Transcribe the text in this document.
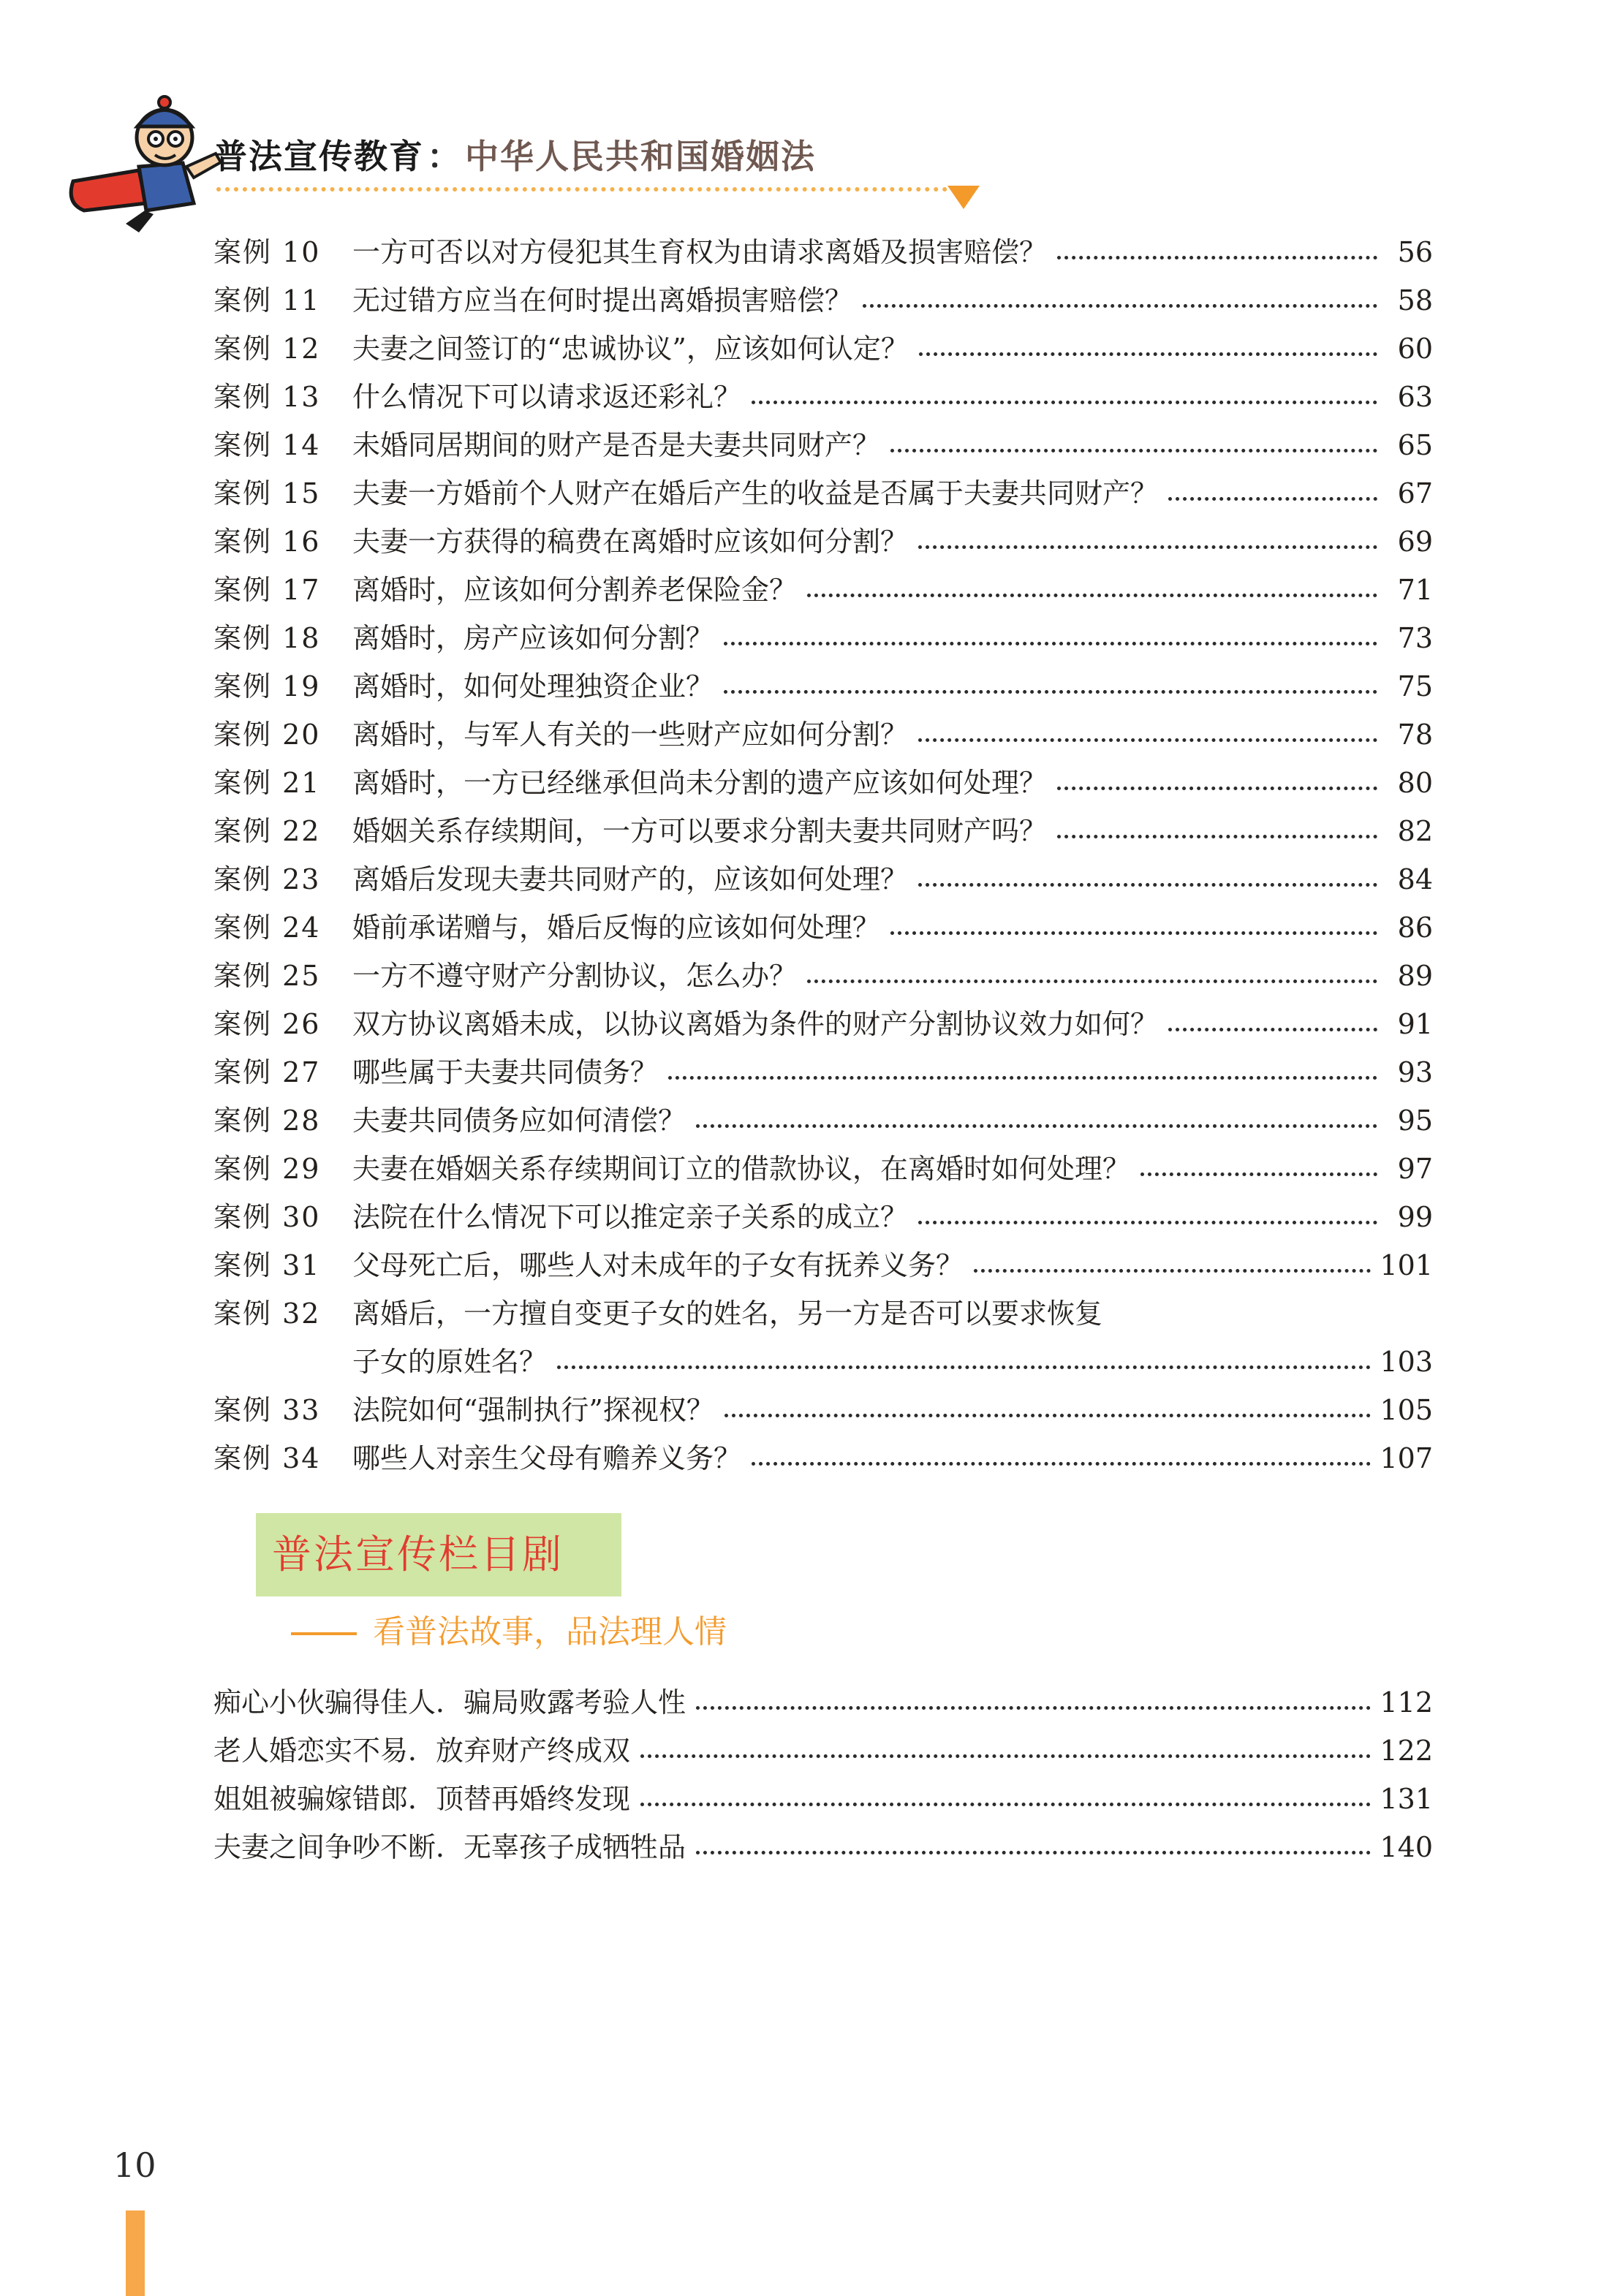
普法宣传教育：中华人民共和国婚姻法
案例 10 一方可否以对方侵犯其生育权为由请求离婚及损害赔偿？	56
案例 11 无过错方应当在何时提出离婚损害赔偿？	58
案例 12 夫妻之间签订的“忠诚协议”，应该如何认定？	60
案例 13 什么情况下可以请求返还彩礼？	63
案例 14 未婚同居期间的财产是否是夫妻共同财产？	65
案例 15 夫妻一方婚前个人财产在婚后产生的收益是否属于夫妻共同财产？	67
案例 16 夫妻一方获得的稿费在离婚时应该如何分割？	69
案例 17 离婚时，应该如何分割养老保险金？	71
案例 18 离婚时，房产应该如何分割？	73
案例 19 离婚时，如何处理独资企业？	75
案例 20 离婚时，与军人有关的一些财产应如何分割？	78
案例 21 离婚时，一方已经继承但尚未分割的遗产应该如何处理？	80
案例 22 婚姻关系存续期间，一方可以要求分割夫妻共同财产吗？	82
案例 23 离婚后发现夫妻共同财产的，应该如何处理？	84
案例 24 婚前承诺赠与，婚后反悔的应该如何处理？	86
案例 25 一方不遵守财产分割协议，怎么办？	89
案例 26 双方协议离婚未成，以协议离婚为条件的财产分割协议效力如何？	91
案例 27 哪些属于夫妻共同债务？	93
案例 28 夫妻共同债务应如何清偿？	95
案例 29 夫妻在婚姻关系存续期间订立的借款协议，在离婚时如何处理？	97
案例 30 法院在什么情况下可以推定亲子关系的成立？	99
案例 31 父母死亡后，哪些人对未成年的子女有抚养义务？	101
案例 32 离婚后，一方擅自变更子女的姓名，另一方是否可以要求恢复
子女的原姓名？	103
案例 33 法院如何“强制执行”探视权？	105
案例 34 哪些人对亲生父母有赡养义务？	107
普法宣传栏目剧
看普法故事，品法理人情
痴心小伙骗得佳人．骗局败露考验人性	112
老人婚恋实不易．放弃财产终成双	122
姐姐被骗嫁错郎．顶替再婚终发现	131
夫妻之间争吵不断．无辜孩子成牺牲品	140
10
